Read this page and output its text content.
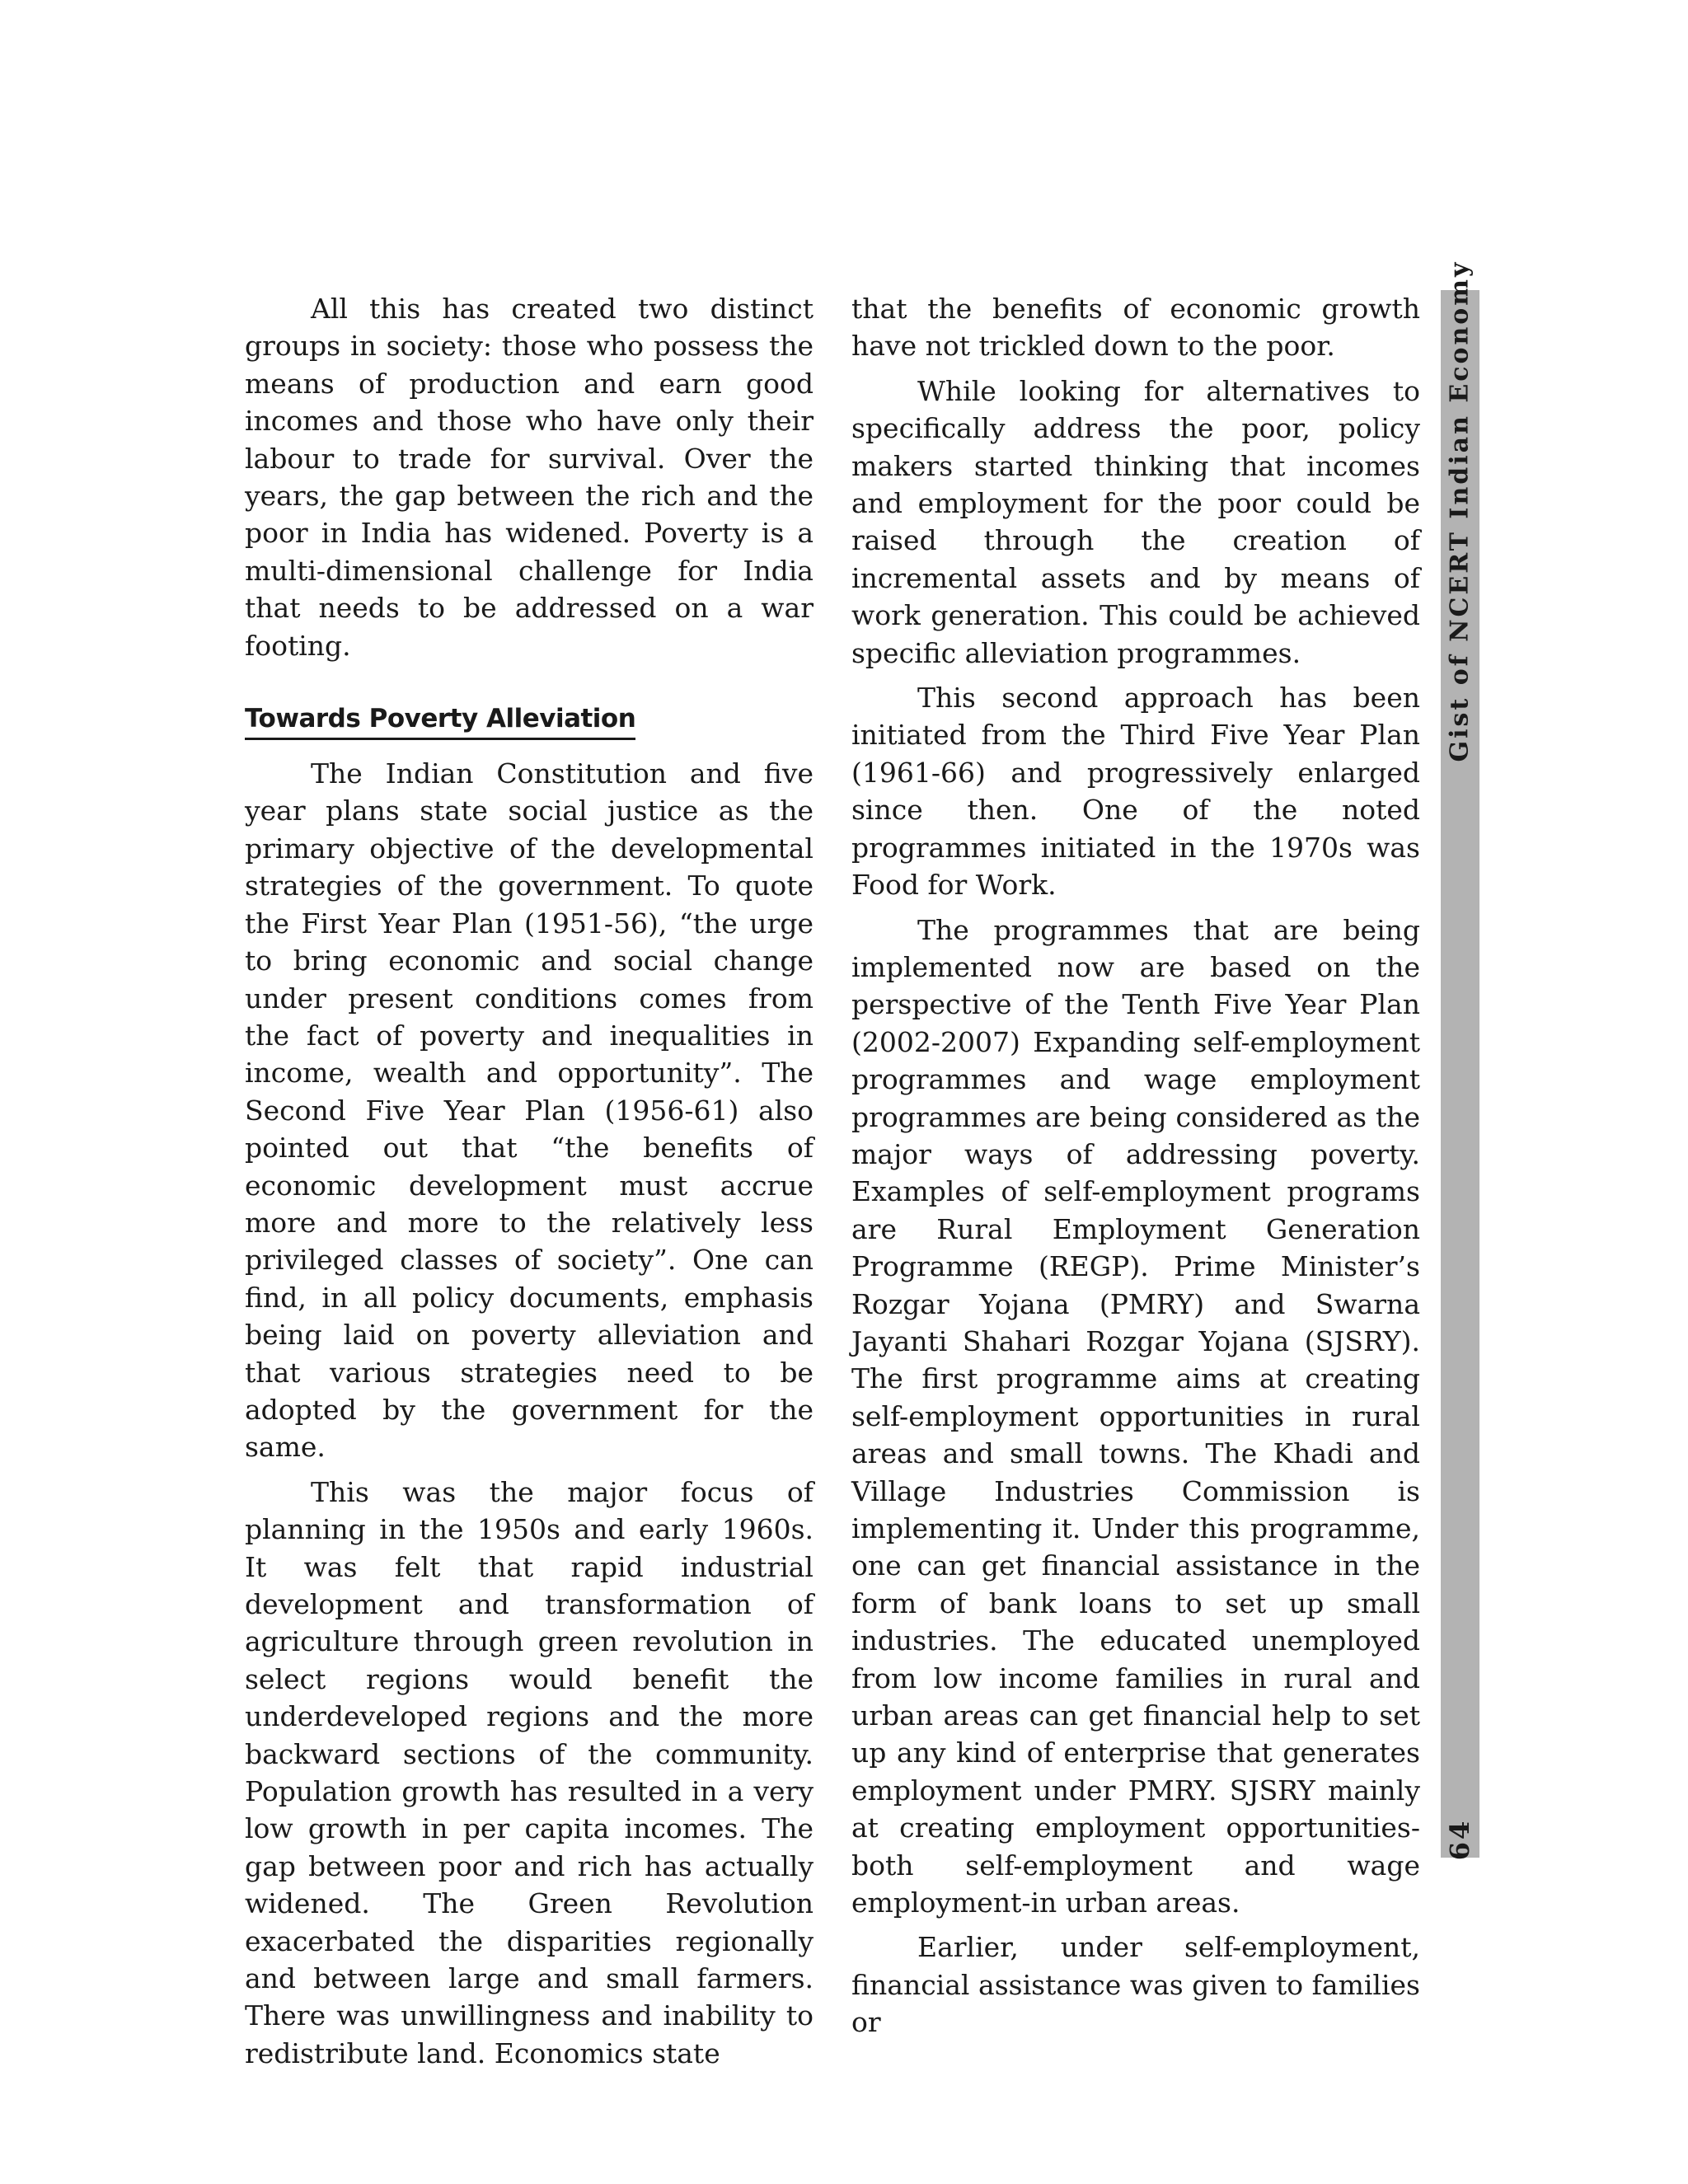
All this has created two distinct groups in society: those who possess the means of production and earn good incomes and those who have only their labour to trade for survival. Over the years, the gap between the rich and the poor in India has widened. Poverty is a multi-dimensional challenge for India that needs to be addressed on a war footing.

Towards Poverty Alleviation

The Indian Constitution and five year plans state social justice as the primary objective of the developmental strategies of the government. To quote the First Year Plan (1951-56), “the urge to bring economic and social change under present conditions comes from the fact of poverty and inequalities in income, wealth and opportunity”. The Second Five Year Plan (1956-61) also pointed out that “the benefits of economic development must accrue more and more to the relatively less privileged classes of society”. One can find, in all policy documents, emphasis being laid on poverty alleviation and that various strategies need to be adopted by the government for the same.

This was the major focus of planning in the 1950s and early 1960s. It was felt that rapid industrial development and transformation of agriculture through green revolution in select regions would benefit the underdeveloped regions and the more backward sections of the community. Population growth has resulted in a very low growth in per capita incomes. The gap between poor and rich has actually widened. The Green Revolution exacerbated the disparities regionally and between large and small farmers. There was unwillingness and inability to redistribute land. Economics state

that the benefits of economic growth have not trickled down to the poor.

While looking for alternatives to specifically address the poor, policy makers started thinking that incomes and employment for the poor could be raised through the creation of incremental assets and by means of work generation. This could be achieved specific alleviation programmes.

This second approach has been initiated from the Third Five Year Plan (1961-66) and progressively enlarged since then. One of the noted programmes initiated in the 1970s was Food for Work.

The programmes that are being implemented now are based on the perspective of the Tenth Five Year Plan (2002-2007) Expanding self-employment programmes and wage employment programmes are being considered as the major ways of addressing poverty. Examples of self-employment programs are Rural Employment Generation Programme (REGP). Prime Minister’s Rozgar Yojana (PMRY) and Swarna Jayanti Shahari Rozgar Yojana (SJSRY). The first programme aims at creating self-employment opportunities in rural areas and small towns. The Khadi and Village Industries Commission is implementing it. Under this programme, one can get financial assistance in the form of bank loans to set up small industries. The educated unemployed from low income families in rural and urban areas can get financial help to set up any kind of enterprise that generates employment under PMRY. SJSRY mainly at creating employment opportunities- both self-employment and wage employment-in urban areas.

Earlier, under self-employment, financial assistance was given to families or

Gist of NCERT Indian Economy
64
